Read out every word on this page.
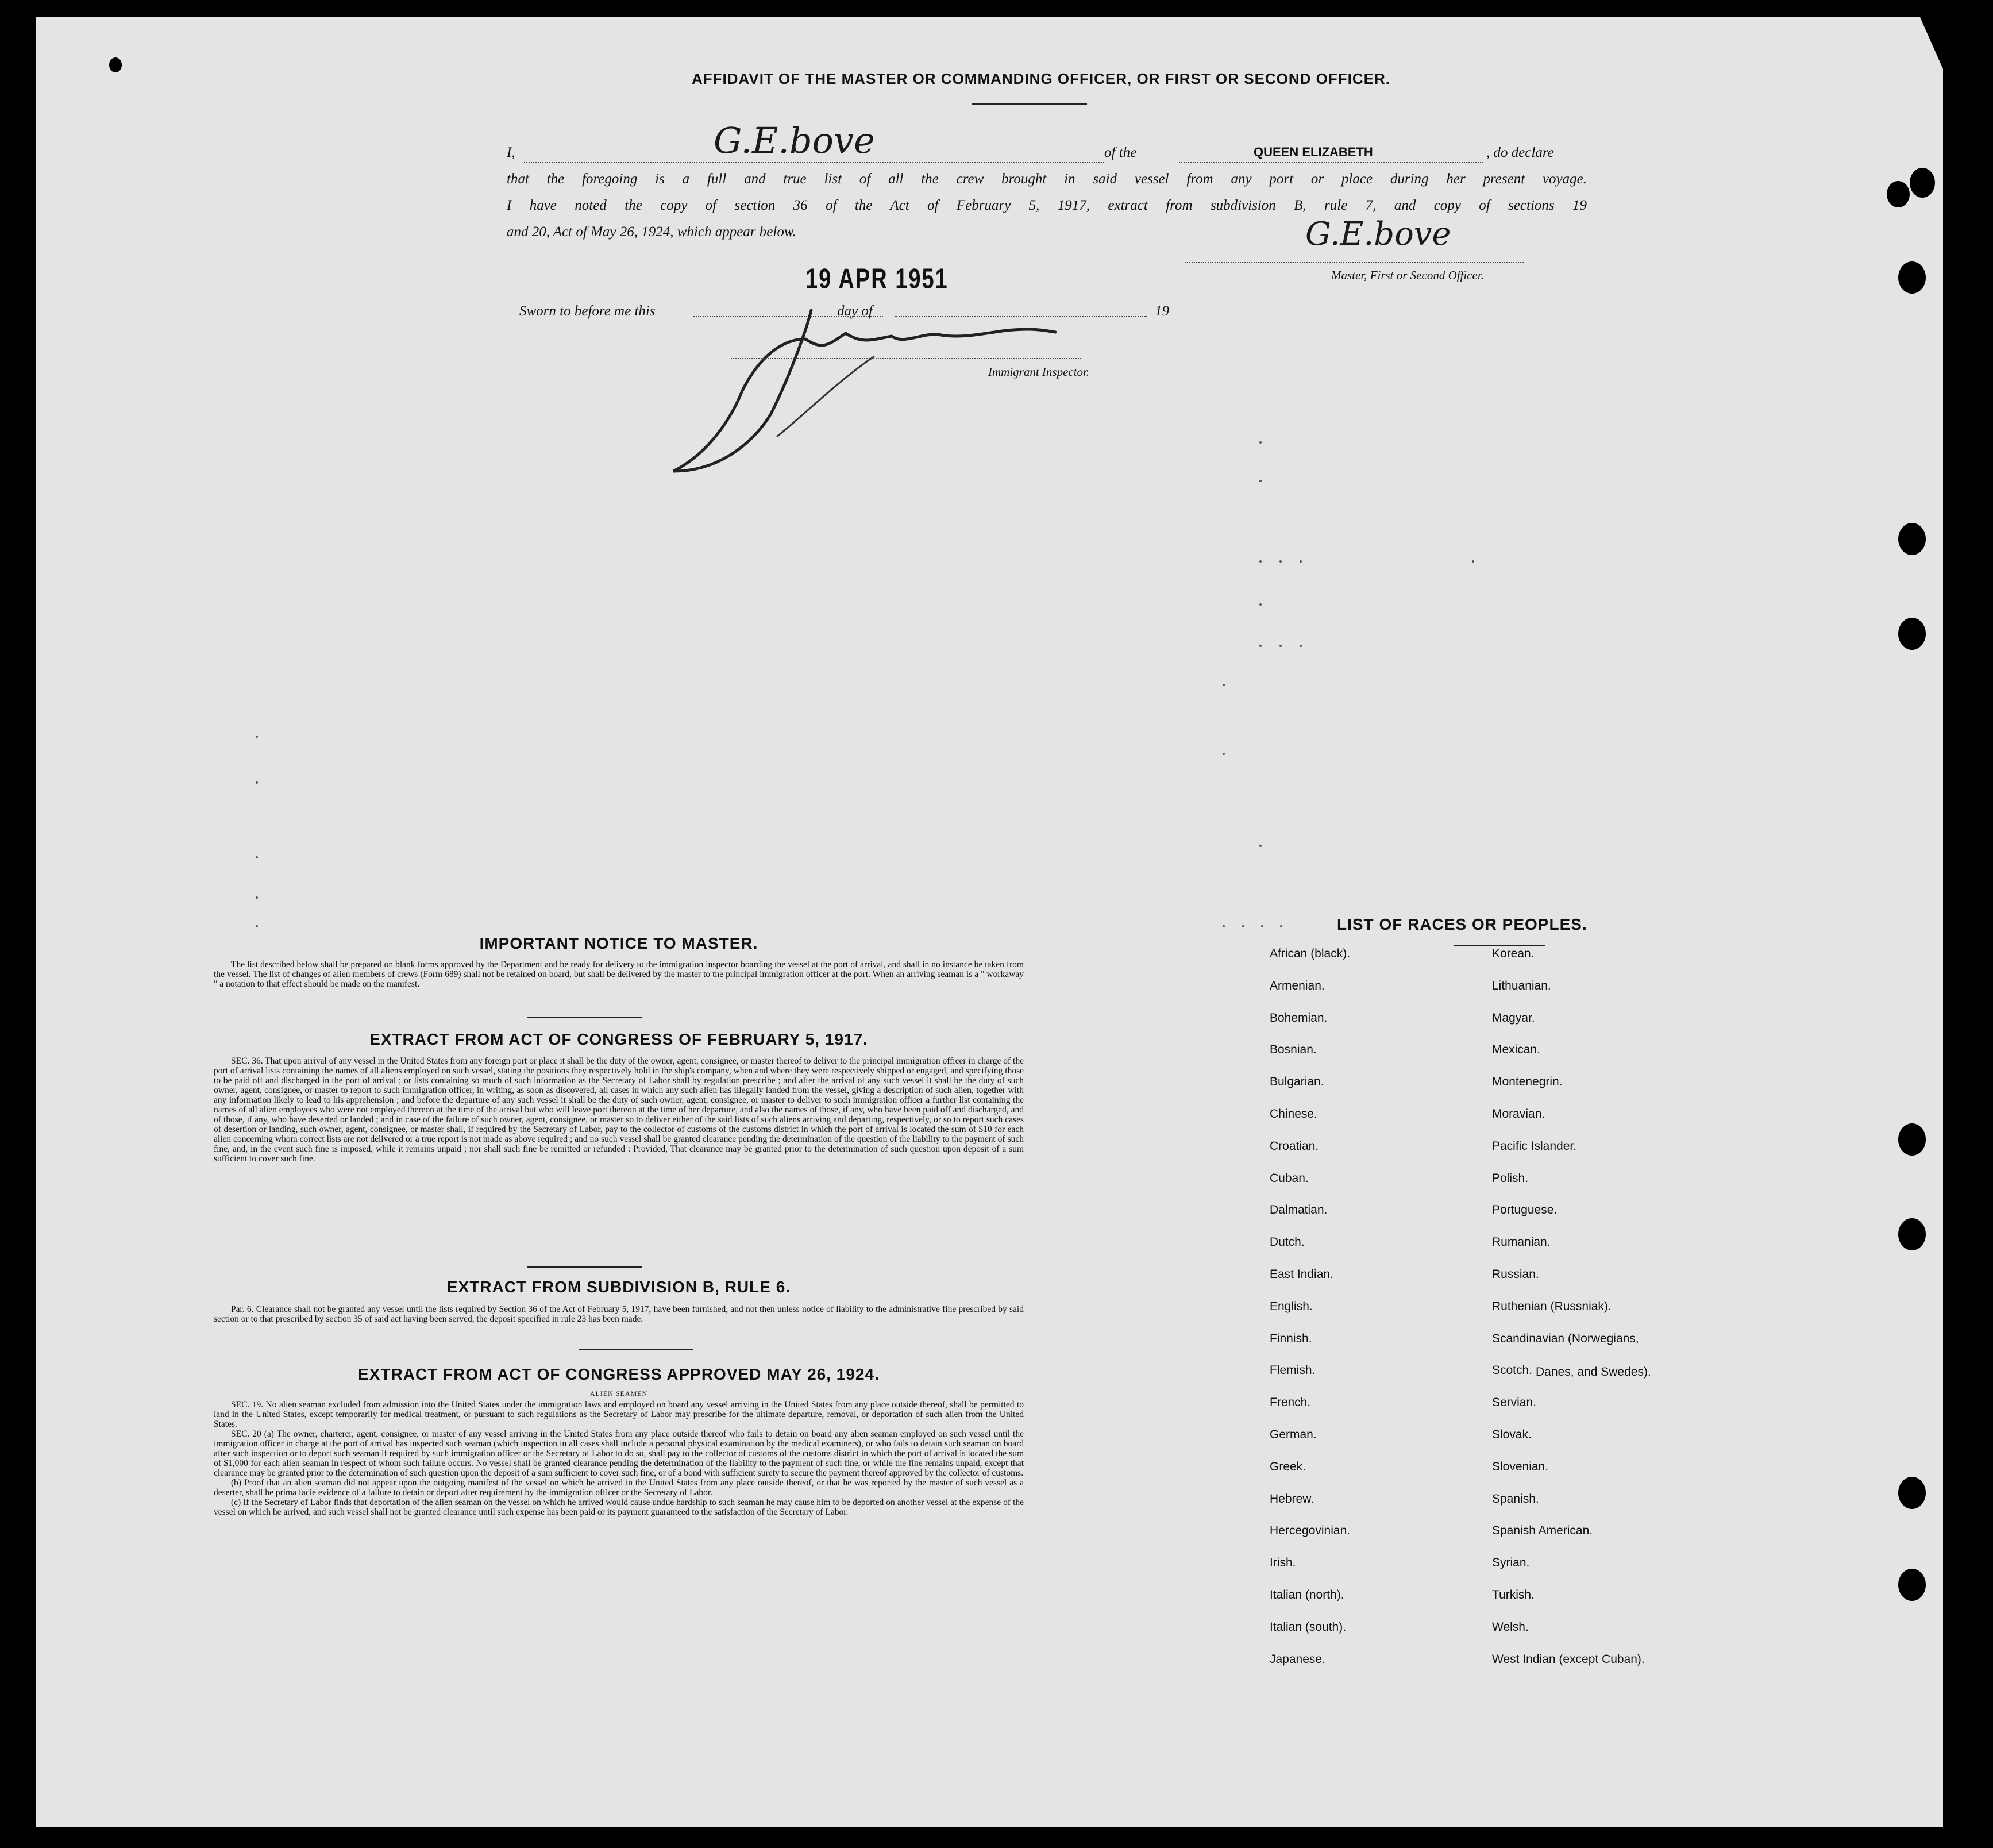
AFFIDAVIT OF THE MASTER OR COMMANDING OFFICER, OR FIRST OR SECOND OFFICER.
I,	G.E.bove	of the	QUEEN ELIZABETH	, do declare
that the foregoing is a full and true list of all the crew brought in said vessel from any port or place during her present voyage.
I have noted the copy of section 36 of the Act of February 5, 1917, extract from subdivision B, rule 7, and copy of sections 19
and 20, Act of May 26, 1924, which appear below.	G.E.bove
Master, First or Second Officer.
19 APR 1951
Sworn to before me this	day of	19
Immigrant Inspector.
IMPORTANT NOTICE TO MASTER.

The list described below shall be prepared on blank forms approved by the Department and be ready for delivery to the immigration inspector boarding the vessel at the port of arrival, and shall in no instance be taken from the vessel. The list of changes of alien members of crews (Form 689) shall not be retained on board, but shall be delivered by the master to the principal immigration officer at the port. When an arriving seaman is a " workaway " a notation to that effect should be made on the manifest.

EXTRACT FROM ACT OF CONGRESS OF FEBRUARY 5, 1917.

SEC. 36. That upon arrival of any vessel in the United States from any foreign port or place it shall be the duty of the owner, agent, consignee, or master thereof to deliver to the principal immigration officer in charge of the port of arrival lists containing the names of all aliens employed on such vessel, stating the positions they respectively hold in the ship's company, when and where they were respectively shipped or engaged, and specifying those to be paid off and discharged in the port of arrival ; or lists containing so much of such information as the Secretary of Labor shall by regulation prescribe ; and after the arrival of any such vessel it shall be the duty of such owner, agent, consignee, or master to report to such immigration officer, in writing, as soon as discovered, all cases in which any such alien has illegally landed from the vessel, giving a description of such alien, together with any information likely to lead to his apprehension ; and before the departure of any such vessel it shall be the duty of such owner, agent, consignee, or master to deliver to such immigration officer a further list containing the names of all alien employees who were not employed thereon at the time of the arrival but who will leave port thereon at the time of her departure, and also the names of those, if any, who have been paid off and discharged, and of those, if any, who have deserted or landed ; and in case of the failure of such owner, agent, consignee, or master so to deliver either of the said lists of such aliens arriving and departing, respectively, or so to report such cases of desertion or landing, such owner, agent, consignee, or master shall, if required by the Secretary of Labor, pay to the collector of customs of the customs district in which the port of arrival is located the sum of $10 for each alien concerning whom correct lists are not delivered or a true report is not made as above required ; and no such vessel shall be granted clearance pending the determination of the question of the liability to the payment of such fine, and, in the event such fine is imposed, while it remains unpaid ; nor shall such fine be remitted or refunded : Provided, That clearance may be granted prior to the determination of such question upon deposit of a sum sufficient to cover such fine.

EXTRACT FROM SUBDIVISION B, RULE 6.

Par. 6. Clearance shall not be granted any vessel until the lists required by Section 36 of the Act of February 5, 1917, have been furnished, and not then unless notice of liability to the administrative fine prescribed by said section or to that prescribed by section 35 of said act having been served, the deposit specified in rule 23 has been made.

EXTRACT FROM ACT OF CONGRESS APPROVED MAY 26, 1924.
ALIEN SEAMEN

SEC. 19. No alien seaman excluded from admission into the United States under the immigration laws and employed on board any vessel arriving in the United States from any place outside thereof, shall be permitted to land in the United States, except temporarily for medical treatment, or pursuant to such regulations as the Secretary of Labor may prescribe for the ultimate departure, removal, or deportation of such alien from the United States.

SEC. 20 (a) The owner, charterer, agent, consignee, or master of any vessel arriving in the United States from any place outside thereof who fails to detain on board any alien seaman employed on such vessel until the immigration officer in charge at the port of arrival has inspected such seaman (which inspection in all cases shall include a personal physical examination by the medical examiners), or who fails to detain such seaman on board after such inspection or to deport such seaman if required by such immigration officer or the Secretary of Labor to do so, shall pay to the collector of customs of the customs district in which the port of arrival is located the sum of $1,000 for each alien seaman in respect of whom such failure occurs. No vessel shall be granted clearance pending the determination of the liability to the payment of such fine, or while the fine remains unpaid, except that clearance may be granted prior to the determination of such question upon the deposit of a sum sufficient to cover such fine, or of a bond with sufficient surety to secure the payment thereof approved by the collector of customs.

(b) Proof that an alien seaman did not appear upon the outgoing manifest of the vessel on which he arrived in the United States from any place outside thereof, or that he was reported by the master of such vessel as a deserter, shall be prima facie evidence of a failure to detain or deport after requirement by the immigration officer or the Secretary of Labor.

(c) If the Secretary of Labor finds that deportation of the alien seaman on the vessel on which he arrived would cause undue hardship to such seaman he may cause him to be deported on another vessel at the expense of the vessel on which he arrived, and such vessel shall not be granted clearance until such expense has been paid or its payment guaranteed to the satisfaction of the Secretary of Labor.

LIST OF RACES OR PEOPLES.
African (black).
Armenian.
Bohemian.
Bosnian.
Bulgarian.
Chinese.
Croatian.
Cuban.
Dalmatian.
Dutch.
East Indian.
English.
Finnish.
Flemish.
French.
German.
Greek.
Hebrew.
Hercegovinian.
Irish.
Italian (north).
Italian (south).
Japanese.
Korean.
Lithuanian.
Magyar.
Mexican.
Montenegrin.
Moravian.
Pacific Islander.
Polish.
Portuguese.
Rumanian.
Russian.
Ruthenian (Russniak).
Scandinavian (Norwegians,
Scotch.
Servian.
Slovak.
Slovenian.
Spanish.
Spanish American.
Syrian.
Turkish.
Welsh.
West Indian (except Cuban).
Danes, and Swedes).
